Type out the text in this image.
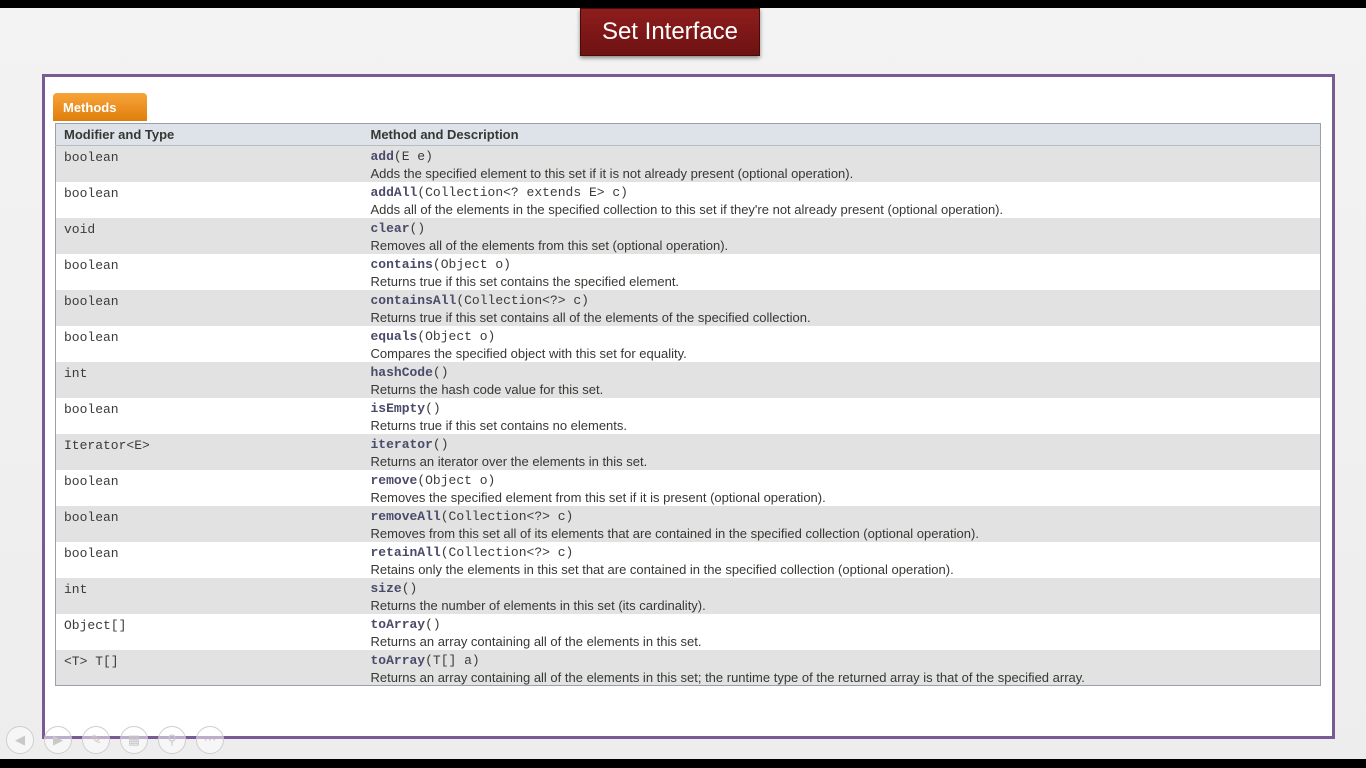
Set Interface
Methods
Modifier and Type	Method and Description
boolean	add(E e)
Adds the specified element to this set if it is not already present (optional operation).

boolean	addAll(Collection<? extends E> c)
Adds all of the elements in the specified collection to this set if they're not already present (optional operation).

void	clear()
Removes all of the elements from this set (optional operation).

boolean	contains(Object o)
Returns true if this set contains the specified element.

boolean	containsAll(Collection<?> c)
Returns true if this set contains all of the elements of the specified collection.

boolean	equals(Object o)
Compares the specified object with this set for equality.

int	hashCode()
Returns the hash code value for this set.

boolean	isEmpty()
Returns true if this set contains no elements.

Iterator<E>	iterator()
Returns an iterator over the elements in this set.

boolean	remove(Object o)
Removes the specified element from this set if it is present (optional operation).

boolean	removeAll(Collection<?> c)
Removes from this set all of its elements that are contained in the specified collection (optional operation).

boolean	retainAll(Collection<?> c)
Retains only the elements in this set that are contained in the specified collection (optional operation).

int	size()
Returns the number of elements in this set (its cardinality).

Object[]	toArray()
Returns an array containing all of the elements in this set.

<T> T[]	toArray(T[] a)
Returns an array containing all of the elements in this set; the runtime type of the returned array is that of the specified array.
◀	▶	✎	▦	⚲	⋯
